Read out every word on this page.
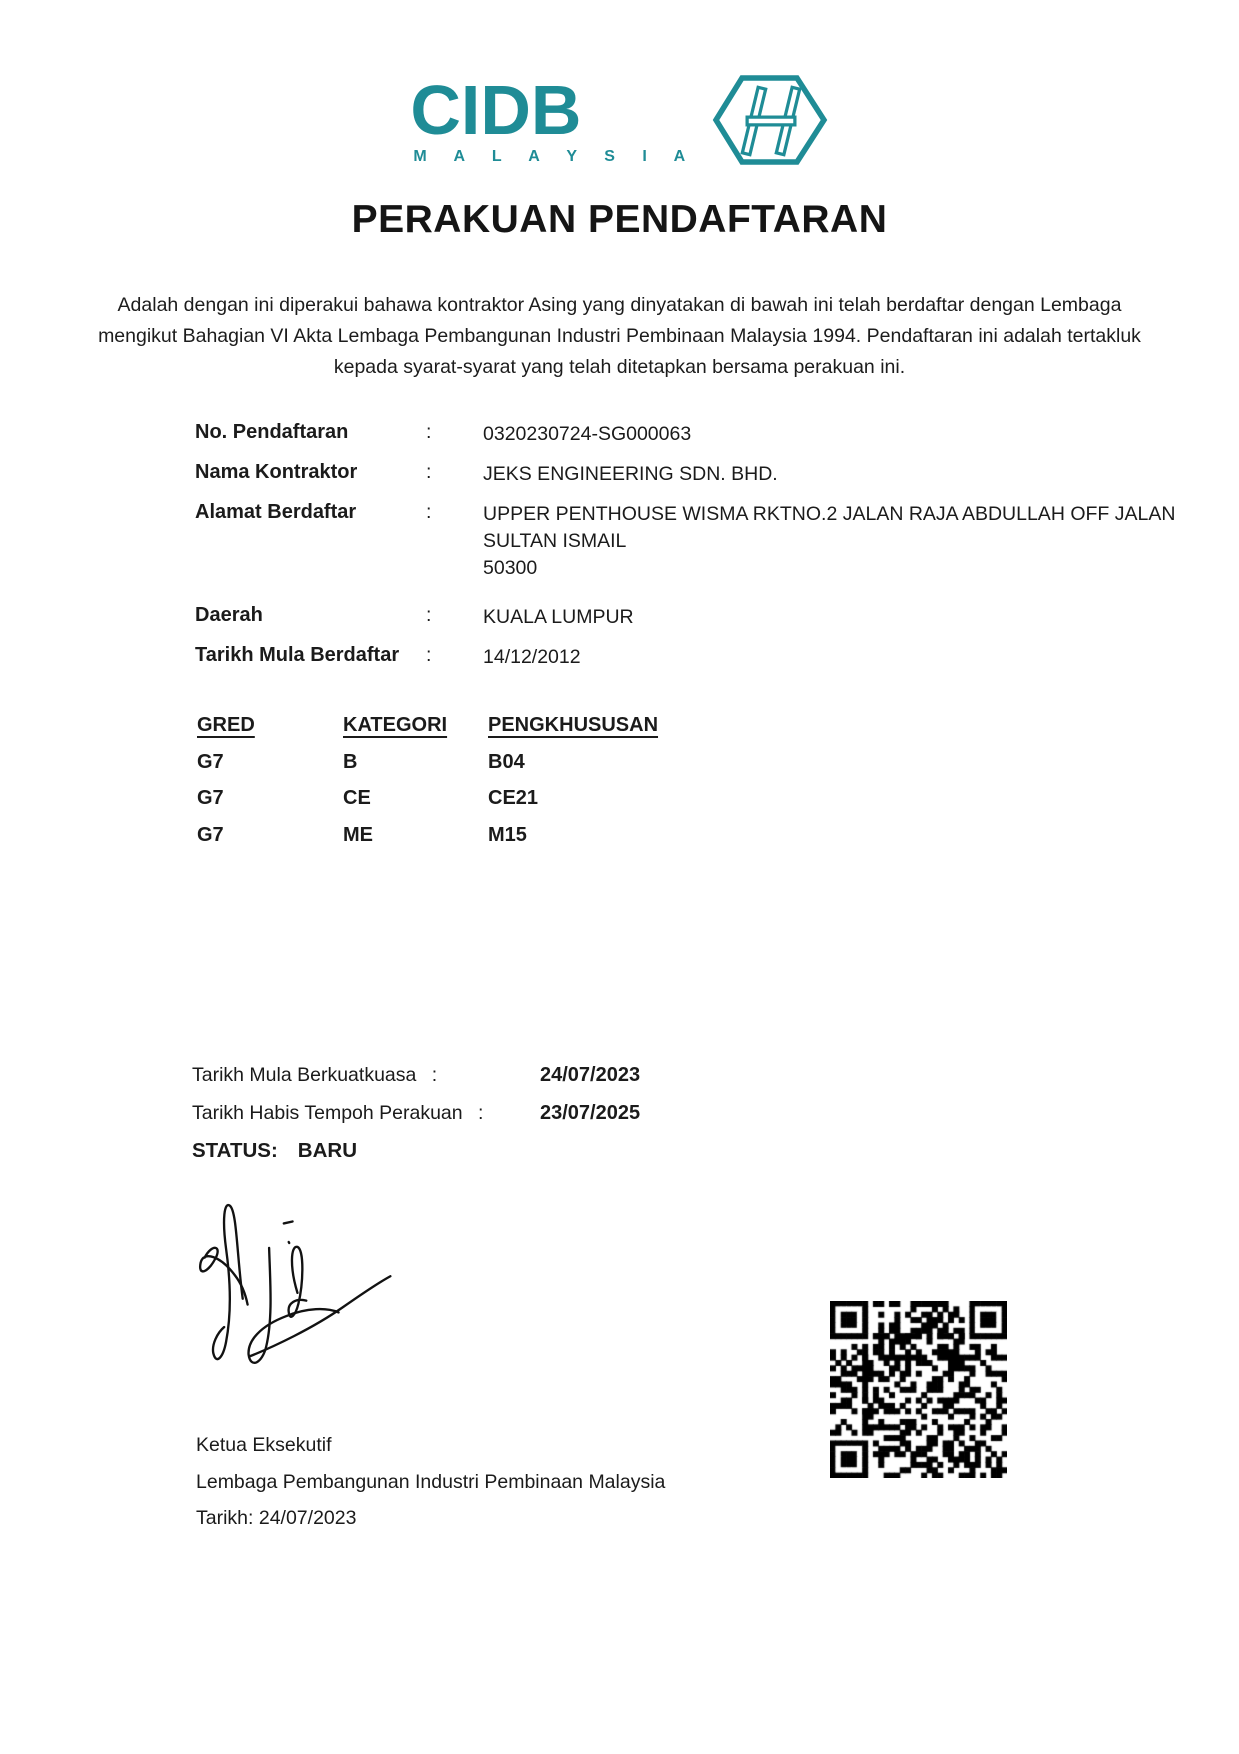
CIDB
M A L A Y S I A
PERAKUAN PENDAFTARAN
Adalah dengan ini diperakui bahawa kontraktor Asing yang dinyatakan di bawah ini telah berdaftar dengan Lembaga mengikut Bahagian VI Akta Lembaga Pembangunan Industri Pembinaan Malaysia 1994. Pendaftaran ini adalah tertakluk kepada syarat-syarat yang telah ditetapkan bersama perakuan ini.
No. Pendaftaran	:	0320230724-SG000063
Nama Kontraktor	:	JEKS ENGINEERING SDN. BHD.
Alamat Berdaftar	:	UPPER PENTHOUSE WISMA RKTNO.2 JALAN RAJA ABDULLAH OFF JALAN
SULTAN ISMAIL
50300
Daerah	:	KUALA LUMPUR
Tarikh Mula Berdaftar	:	14/12/2012
GRED	KATEGORI	PENGKHUSUSAN
G7	B	B04
G7	CE	CE21
G7	ME	M15
Tarikh Mula Berkuatkuasa :	24/07/2023
Tarikh Habis Tempoh Perakuan :	23/07/2025
STATUS: BARU
Ketua Eksekutif
Lembaga Pembangunan Industri Pembinaan Malaysia
Tarikh: 24/07/2023
